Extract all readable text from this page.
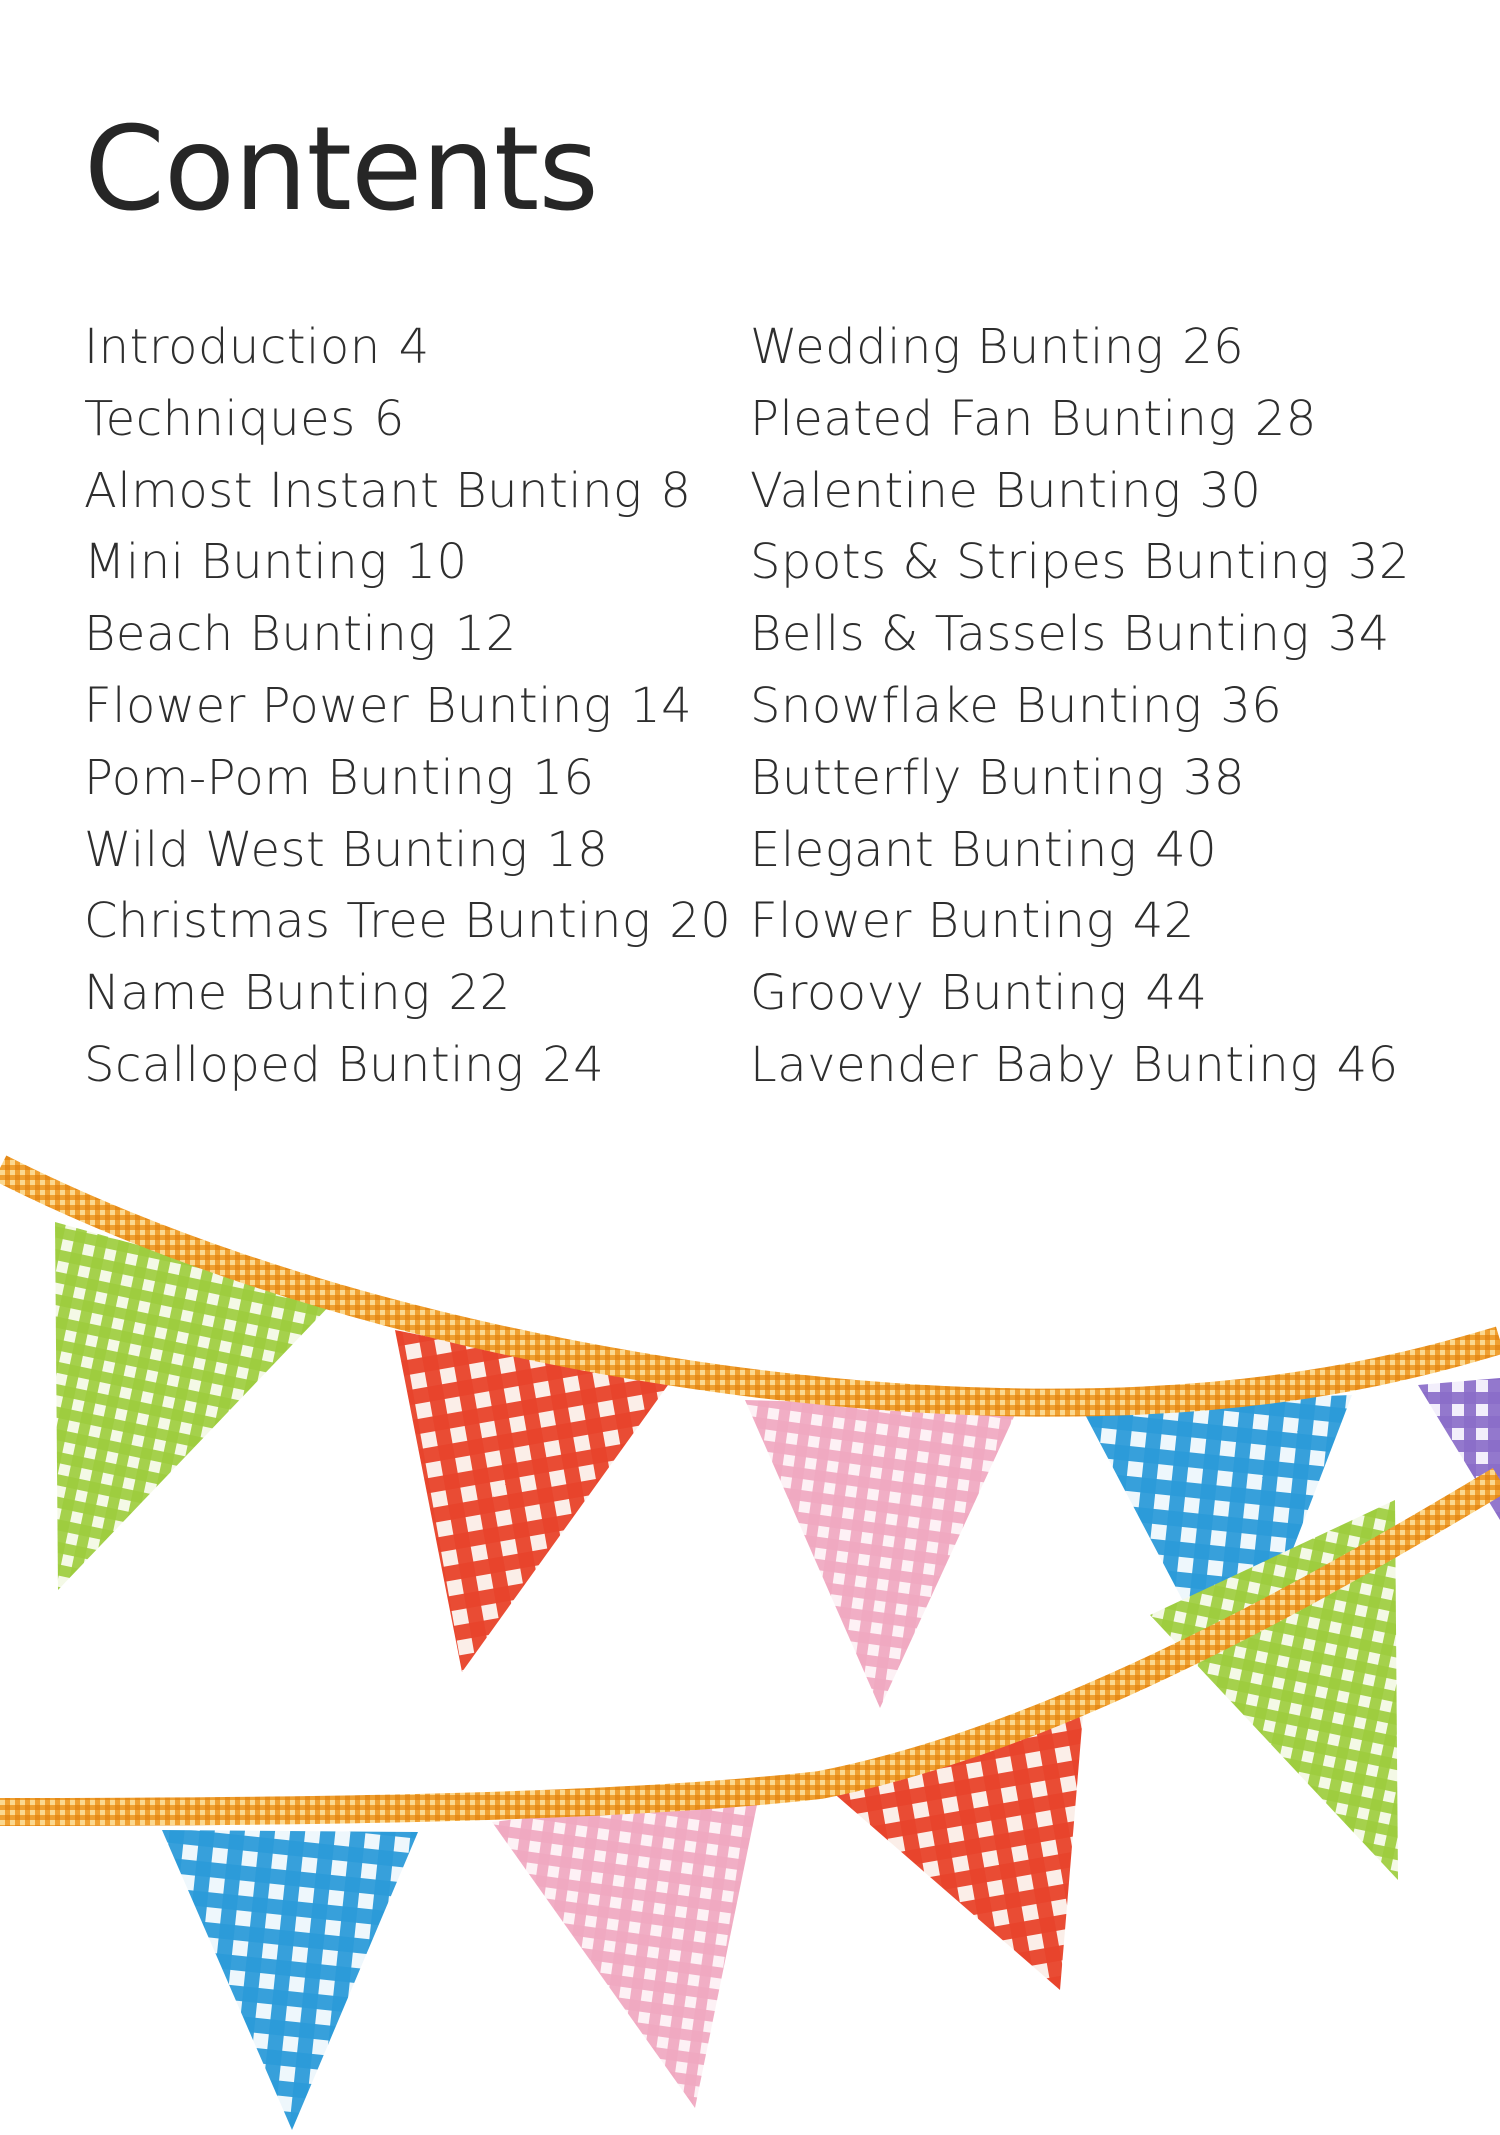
Contents
Introduction 4
Techniques 6
Almost Instant Bunting 8
Mini Bunting 10
Beach Bunting 12
Flower Power Bunting 14
Pom-Pom Bunting 16
Wild West Bunting 18
Christmas Tree Bunting 20
Name Bunting 22
Scalloped Bunting 24
Wedding Bunting 26
Pleated Fan Bunting 28
Valentine Bunting 30
Spots & Stripes Bunting 32
Bells & Tassels Bunting 34
Snowflake Bunting 36
Butterfly Bunting 38
Elegant Bunting 40
Flower Bunting 42
Groovy Bunting 44
Lavender Baby Bunting 46
